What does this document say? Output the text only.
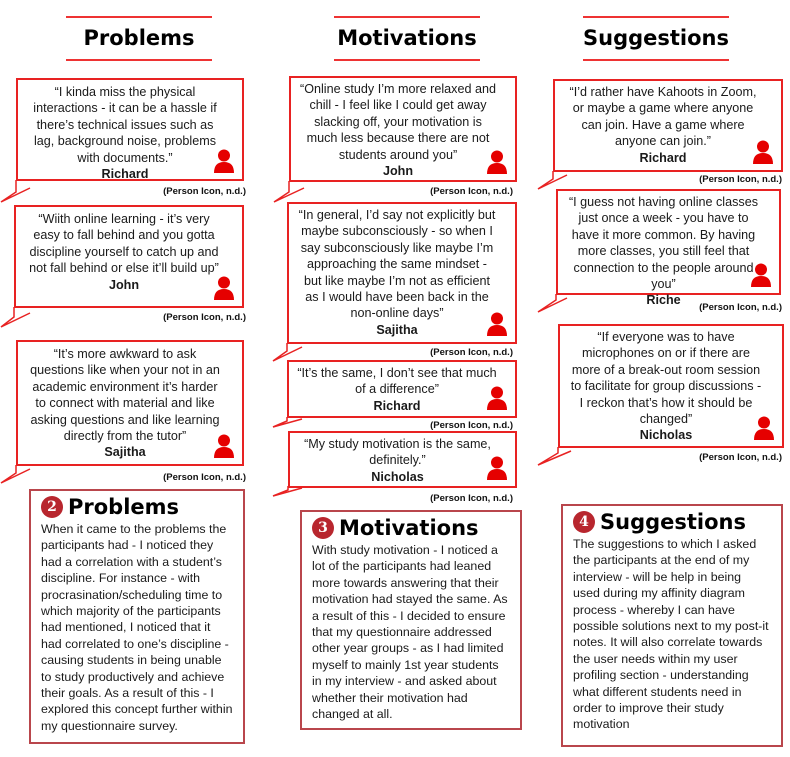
Problems	Motivations	Suggestions
“I kinda miss the physical interactions - it can be a hassle if there’s technical issues such as lag, background noise, problems with documents.”
Richard
(Person Icon, n.d.)
“Wiith online learning - it’s very easy to fall behind and you gotta discipline yourself to catch up and not fall behind or else it’ll build up”
John
(Person Icon, n.d.)
“It’s more awkward to ask questions like when your not in an academic environment it’s harder to connect with material and like asking questions and like learning directly from the tutor”
Sajitha
(Person Icon, n.d.)
“Online study I’m more relaxed and chill - I feel like I could get away slacking off, your motivation is much less because there are not students around you”
John
(Person Icon, n.d.)
“In general, I’d say not explicitly but maybe subconsciously - so when I say subconsciously like maybe I’m approaching the same mindset - but like maybe I’m not as efficient as I would have been back in the non-online days”
Sajitha
(Person Icon, n.d.)
“It’s the same, I don’t see that much of a difference”
Richard
(Person Icon, n.d.)
“My study motivation is the same, definitely.”
Nicholas
(Person Icon, n.d.)
“I’d rather have Kahoots in Zoom, or maybe a game where anyone can join. Have a game where anyone can join.”
Richard
(Person Icon, n.d.)
“I guess not having online classes just once a week - you have to have it more common. By having more classes, you still feel that connection to the people around you”
Riche
(Person Icon, n.d.)
“If everyone was to have microphones on or if there are more of a break-out room session to facilitate for group discussions - I reckon that’s how it should be changed”
Nicholas
(Person Icon, n.d.)
2 Problems
When it came to the problems the participants had - I noticed they had a correlation with a student’s discipline. For instance - with procrasination/scheduling time to which majority of the participants had mentioned, I noticed that it had correlated to one’s discipline - causing students in being unable to study productively and achieve their goals. As a result of this - I explored this concept further within my questionnaire survey.
3 Motivations
With study motivation - I noticed a lot of the participants had leaned more towards answering that their motivation had stayed the same. As a result of this - I decided to ensure that my questionnaire addressed other year groups - as I had limited myself to mainly 1st year students in my interview - and asked about whether their motivation had changed at all.
4 Suggestions
The suggestions to which I asked the participants at the end of my interview - will be help in being used during my affinity diagram process - whereby I can have possible solutions next to my post-it notes. It will also correlate towards the user needs within my user profiling section - understanding what different students need in order to improve their study motivation
